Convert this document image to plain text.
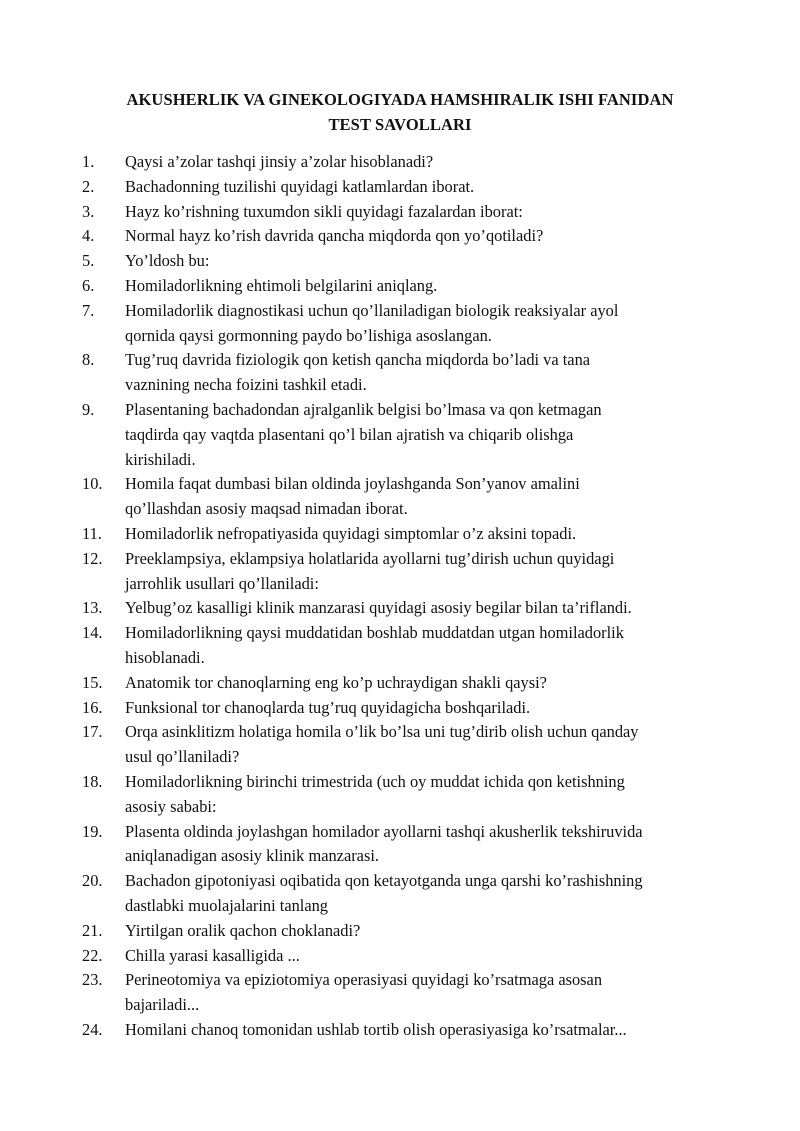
AKUSHERLIK VA GINEKOLOGIYADA HAMSHIRALIK ISHI FANIDAN
TEST SAVOLLARI
1.	Qaysi a’zolar tashqi jinsiy a’zolar hisoblanadi?
2.	Bachadonning tuzilishi quyidagi katlamlardan iborat.
3.	Hayz ko’rishning tuxumdon sikli quyidagi fazalardan iborat:
4.	Normal hayz ko’rish davrida qancha miqdorda qon yo’qotiladi?
5.	Yo’ldosh bu:
6.	Homiladorlikning ehtimoli belgilarini aniqlang.
7.	Homiladorlik diagnostikasi uchun qo’llaniladigan biologik reaksiyalar ayol
qornida qaysi gormonning paydo bo’lishiga asoslangan.
8.	Tug’ruq davrida fiziologik qon ketish qancha miqdorda bo’ladi va tana
vaznining necha foizini tashkil etadi.
9.	Plasentaning bachadondan ajralganlik belgisi bo’lmasa va qon ketmagan
taqdirda qay vaqtda plasentani qo’l bilan ajratish va chiqarib olishga
kirishiladi.
10.	Homila faqat dumbasi bilan oldinda joylashganda Son’yanov amalini
qo’llashdan asosiy maqsad nimadan iborat.
11.	Homiladorlik nefropatiyasida quyidagi simptomlar o’z aksini topadi.
12.	Preeklampsiya, eklampsiya holatlarida ayollarni tug’dirish uchun quyidagi
jarrohlik usullari qo’llaniladi:
13.	Yelbug’oz kasalligi klinik manzarasi quyidagi asosiy begilar bilan ta’riflandi.
14.	Homiladorlikning qaysi muddatidan boshlab muddatdan utgan homiladorlik
hisoblanadi.
15.	Anatomik tor chanoqlarning eng ko’p uchraydigan shakli qaysi?
16.	Funksional tor chanoqlarda tug’ruq quyidagicha boshqariladi.
17.	Orqa asinklitizm holatiga homila o’lik bo’lsa uni tug’dirib olish uchun qanday
usul qo’llaniladi?
18.	Homiladorlikning birinchi trimestrida (uch oy muddat ichida qon ketishning
asosiy sababi:
19.	Plasenta oldinda joylashgan homilador ayollarni tashqi akusherlik tekshiruvida
aniqlanadigan asosiy klinik manzarasi.
20.	Bachadon gipotoniyasi oqibatida qon ketayotganda unga qarshi ko’rashishning
dastlabki muolajalarini tanlang
21.	Yirtilgan oralik qachon choklanadi?
22.	Chilla yarasi kasalligida ...
23.	Perineotomiya va epiziotomiya operasiyasi quyidagi ko’rsatmaga asosan
bajariladi...
24.	Homilani chanoq tomonidan ushlab tortib olish operasiyasiga ko’rsatmalar...
